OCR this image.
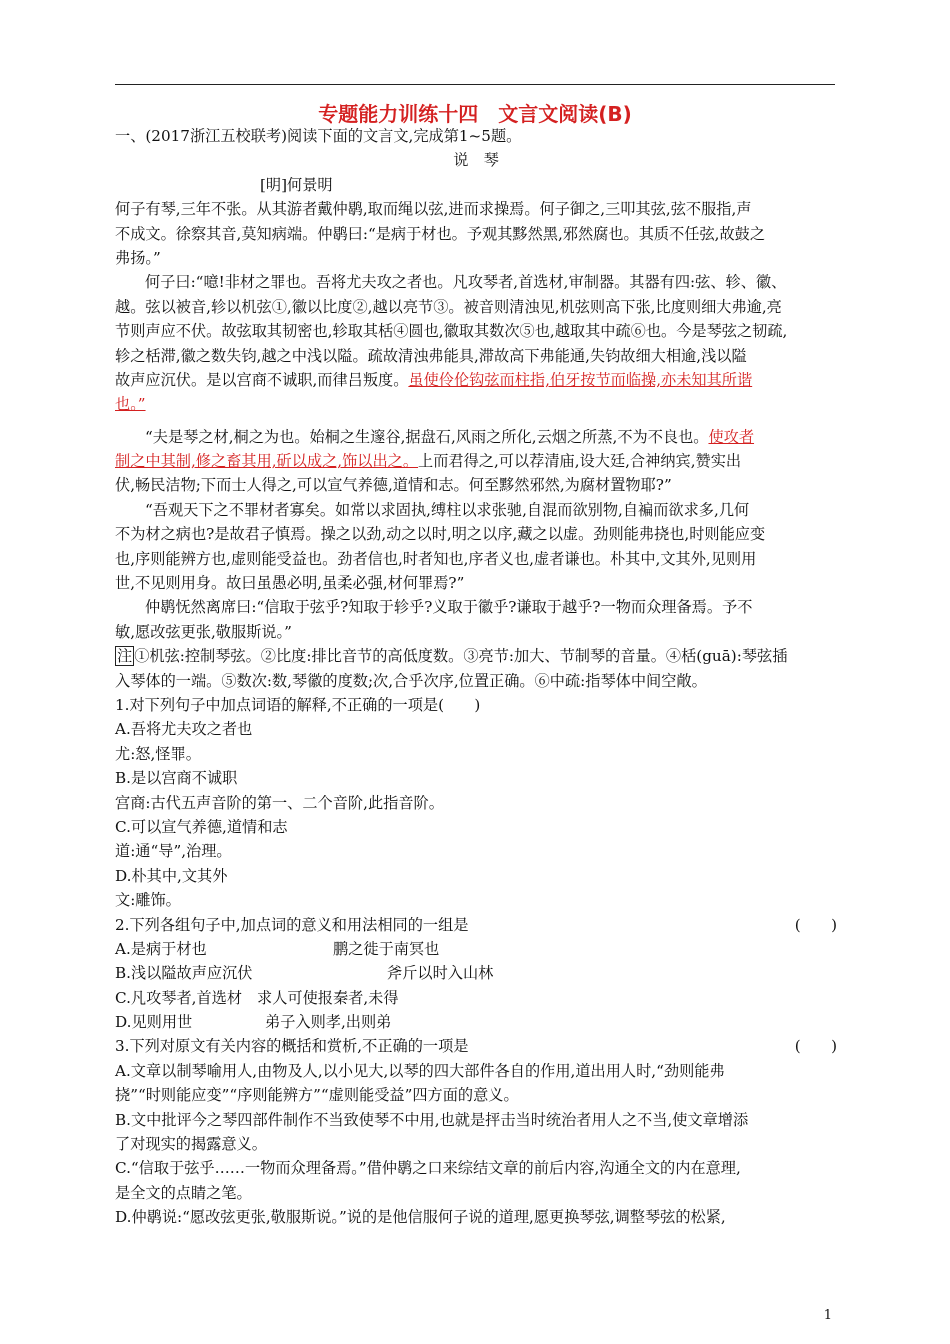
专题能力训练十四　文言文阅读(B)
一、(2017浙江五校联考)阅读下面的文言文,完成第1~5题。
说　琴
[明]何景明
何子有琴,三年不张。从其游者戴仲鹖,取而绳以弦,进而求操焉。何子御之,三叩其弦,弦不服指,声
不成文。徐察其音,莫知病端。仲鹖曰:“是病于材也。予观其黟然黑,邪然腐也。其质不任弦,故鼓之
弗扬。”
何子曰:“噫!非材之罪也。吾将尤夫攻之者也。凡攻琴者,首选材,审制器。其器有四:弦、轸、徽、
越。弦以被音,轸以机弦①,徽以比度②,越以亮节③。被音则清浊见,机弦则高下张,比度则细大弗逾,亮
节则声应不伏。故弦取其韧密也,轸取其栝④圆也,徽取其数次⑤也,越取其中疏⑥也。今是琴弦之韧疏,
轸之栝滞,徽之数失钧,越之中浅以隘。疏故清浊弗能具,滞故高下弗能通,失钧故细大相逾,浅以隘
故声应沉伏。是以宫商不诚职,而律吕叛度。虽使伶伦钩弦而柱指,伯牙按节而临操,亦未知其所谐
也。”
“夫是琴之材,桐之为也。始桐之生邃谷,据盘石,风雨之所化,云烟之所蒸,不为不良也。使攻者
制之中其制,修之畜其用,斫以成之,饰以出之。上而君得之,可以荐清庙,设大廷,合神纳宾,赞实出
伏,畅民洁物;下而士人得之,可以宣气养德,道情和志。何至黟然邪然,为腐材置物耶?”
“吾观天下之不罪材者寡矣。如常以求固执,缚柱以求张驰,自混而欲别物,自褊而欲求多,几何
不为材之病也?是故君子慎焉。操之以劲,动之以时,明之以序,藏之以虚。劲则能弗挠也,时则能应变
也,序则能辨方也,虚则能受益也。劲者信也,时者知也,序者义也,虚者谦也。朴其中,文其外,见则用
世,不见则用身。故曰虽愚必明,虽柔必强,材何罪焉?”
仲鹖怃然离席曰:“信取于弦乎?知取于轸乎?义取于徽乎?谦取于越乎?一物而众理备焉。予不
敏,愿改弦更张,敬服斯说。”
注 ①机弦:控制琴弦。②比度:排比音节的高低度数。③亮节:加大、节制琴的音量。④栝(guā):琴弦插
入琴体的一端。⑤数次:数,琴徽的度数;次,合乎次序,位置正确。⑥中疏:指琴体中间空敞。
1.对下列句子中加点词语的解释,不正确的一项是(　　)
A.吾将尤夫攻之者也
尤:怒,怪罪。
B.是以宫商不诚职
宫商:古代五声音阶的第一、二个音阶,此指音阶。
C.可以宣气养德,道情和志
道:通“导”,治理。
D.朴其中,文其外
文:雕饰。
2.下列各组句子中,加点词的意义和用法相同的一组是	(　　)
A.是病于材也	鹏之徙于南冥也
B.浅以隘故声应沉伏	斧斤以时入山林
C.凡攻琴者,首选材 求人可使报秦者,未得
D.见则用世	弟子入则孝,出则弟
3.下列对原文有关内容的概括和赏析,不正确的一项是	(　　)
A.文章以制琴喻用人,由物及人,以小见大,以琴的四大部件各自的作用,道出用人时,“劲则能弗
挠”“时则能应变”“序则能辨方”“虚则能受益”四方面的意义。
B.文中批评今之琴四部件制作不当致使琴不中用,也就是抨击当时统治者用人之不当,使文章增添
了对现实的揭露意义。
C.“信取于弦乎……一物而众理备焉。”借仲鹖之口来综结文章的前后内容,沟通全文的内在意理,
是全文的点睛之笔。
D.仲鹖说:“愿改弦更张,敬服斯说。”说的是他信服何子说的道理,愿更换琴弦,调整琴弦的松紧,
1
